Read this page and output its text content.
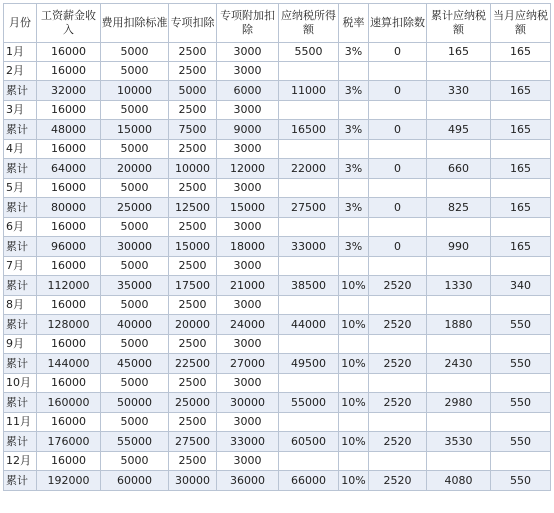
月份	工资薪金收入	费用扣除标准	专项扣除	专项附加扣除	应纳税所得额	税率	速算扣除数	累计应纳税额	当月应纳税额
1月	16000	5000	2500	3000	5500	3%	0	165	165
2月	16000	5000	2500	3000					
累计	32000	10000	5000	6000	11000	3%	0	330	165
3月	16000	5000	2500	3000					
累计	48000	15000	7500	9000	16500	3%	0	495	165
4月	16000	5000	2500	3000					
累计	64000	20000	10000	12000	22000	3%	0	660	165
5月	16000	5000	2500	3000					
累计	80000	25000	12500	15000	27500	3%	0	825	165
6月	16000	5000	2500	3000					
累计	96000	30000	15000	18000	33000	3%	0	990	165
7月	16000	5000	2500	3000					
累计	112000	35000	17500	21000	38500	10%	2520	1330	340
8月	16000	5000	2500	3000					
累计	128000	40000	20000	24000	44000	10%	2520	1880	550
9月	16000	5000	2500	3000					
累计	144000	45000	22500	27000	49500	10%	2520	2430	550
10月	16000	5000	2500	3000					
累计	160000	50000	25000	30000	55000	10%	2520	2980	550
11月	16000	5000	2500	3000					
累计	176000	55000	27500	33000	60500	10%	2520	3530	550
12月	16000	5000	2500	3000					
累计	192000	60000	30000	36000	66000	10%	2520	4080	550
